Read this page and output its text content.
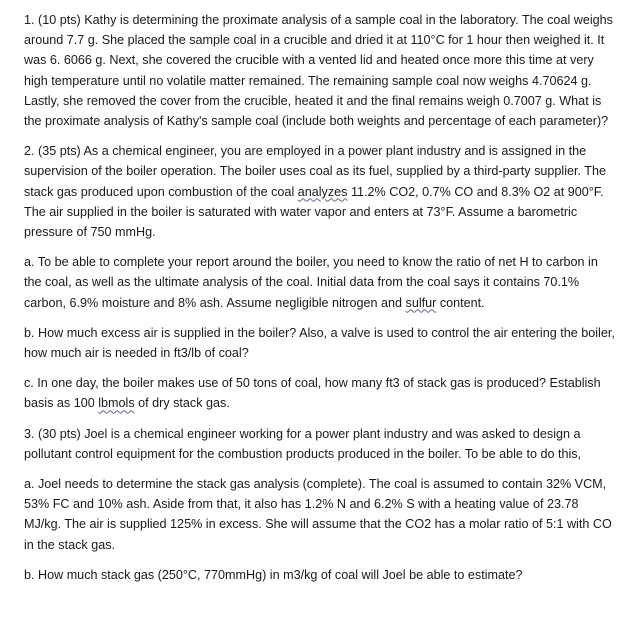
1. (10 pts) Kathy is determining the proximate analysis of a sample coal in the laboratory. The coal weighs around 7.7 g. She placed the sample coal in a crucible and dried it at 110°C for 1 hour then weighed it. It was 6. 6066 g. Next, she covered the crucible with a vented lid and heated once more this time at very high temperature until no volatile matter remained. The remaining sample coal now weighs 4.70624 g. Lastly, she removed the cover from the crucible, heated it and the final remains weigh 0.7007 g. What is the proximate analysis of Kathy's sample coal (include both weights and percentage of each parameter)?

2. (35 pts) As a chemical engineer, you are employed in a power plant industry and is assigned in the supervision of the boiler operation. The boiler uses coal as its fuel, supplied by a third-party supplier. The stack gas produced upon combustion of the coal analyzes 11.2% CO2, 0.7% CO and 8.3% O2 at 900°F. The air supplied in the boiler is saturated with water vapor and enters at 73°F. Assume a barometric pressure of 750 mmHg.

a. To be able to complete your report around the boiler, you need to know the ratio of net H to carbon in the coal, as well as the ultimate analysis of the coal. Initial data from the coal says it contains 70.1% carbon, 6.9% moisture and 8% ash. Assume negligible nitrogen and sulfur content.

b. How much excess air is supplied in the boiler? Also, a valve is used to control the air entering the boiler, how much air is needed in ft3/lb of coal?

c. In one day, the boiler makes use of 50 tons of coal, how many ft3 of stack gas is produced? Establish basis as 100 lbmols of dry stack gas.

3. (30 pts) Joel is a chemical engineer working for a power plant industry and was asked to design a pollutant control equipment for the combustion products produced in the boiler. To be able to do this,

a. Joel needs to determine the stack gas analysis (complete). The coal is assumed to contain 32% VCM, 53% FC and 10% ash. Aside from that, it also has 1.2% N and 6.2% S with a heating value of 23.78 MJ/kg. The air is supplied 125% in excess. She will assume that the CO2 has a molar ratio of 5:1 with CO in the stack gas.

b. How much stack gas (250°C, 770mmHg) in m3/kg of coal will Joel be able to estimate?
